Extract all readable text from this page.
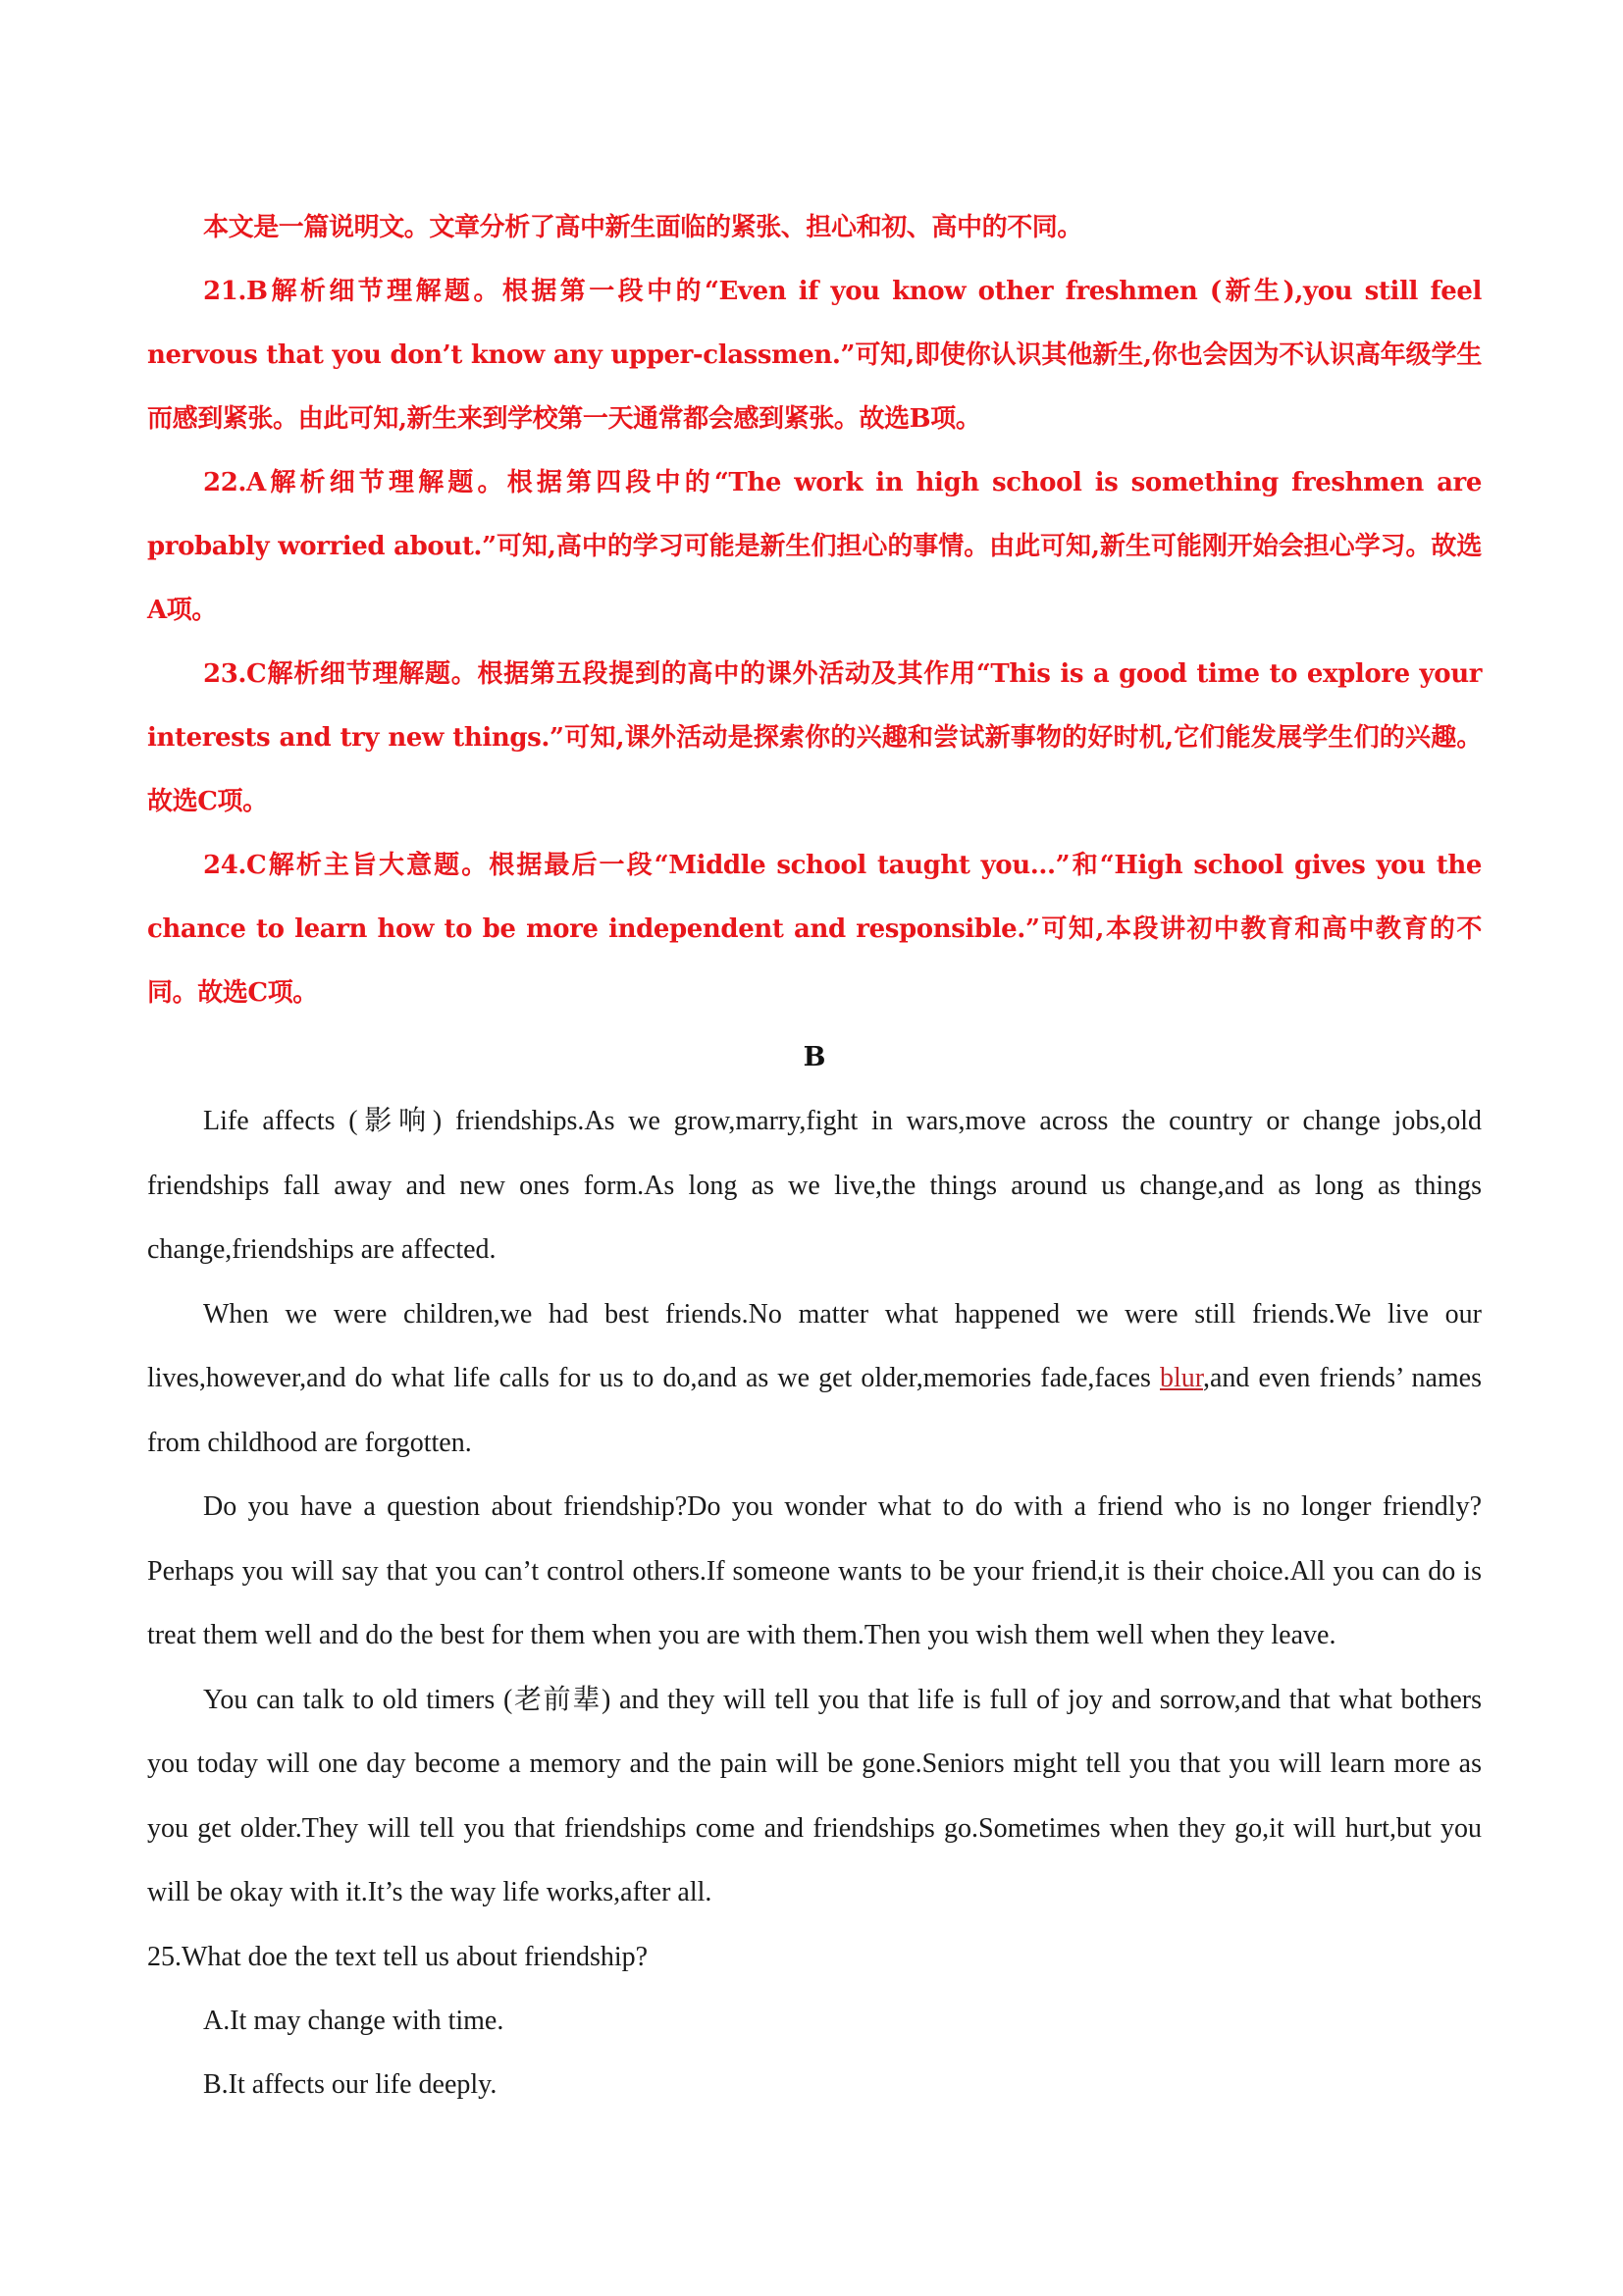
本文是一篇说明文。文章分析了高中新生面临的紧张、担心和初、高中的不同。

21.B解析细节理解题。根据第一段中的“Even if you know other freshmen (新生),you still feel nervous that you don’t know any upper-classmen.”可知,即使你认识其他新生,你也会因为不认识高年级学生而感到紧张。由此可知,新生来到学校第一天通常都会感到紧张。故选B项。

22.A解析细节理解题。根据第四段中的“The work in high school is something freshmen are probably worried about.”可知,高中的学习可能是新生们担心的事情。由此可知,新生可能刚开始会担心学习。故选A项。

23.C解析细节理解题。根据第五段提到的高中的课外活动及其作用“This is a good time to explore your interests and try new things.”可知,课外活动是探索你的兴趣和尝试新事物的好时机,它们能发展学生们的兴趣。故选C项。

24.C解析主旨大意题。根据最后一段“Middle school taught you...”和“High school gives you the chance to learn how to be more independent and responsible.”可知,本段讲初中教育和高中教育的不同。故选C项。

B

Life affects (影响) friendships.As we grow,marry,fight in wars,move across the country or change jobs,old friendships fall away and new ones form.As long as we live,the things around us change,and as long as things change,friendships are affected.

When we were children,we had best friends.No matter what happened we were still friends.We live our lives,however,and do what life calls for us to do,and as we get older,memories fade,faces blur,and even friends’ names from childhood are forgotten.

Do you have a question about friendship?Do you wonder what to do with a friend who is no longer friendly?Perhaps you will say that you can’t control others.If someone wants to be your friend,it is their choice.All you can do is treat them well and do the best for them when you are with them.Then you wish them well when they leave.

You can talk to old timers (老前辈) and they will tell you that life is full of joy and sorrow,and that what bothers you today will one day become a memory and the pain will be gone.Seniors might tell you that you will learn more as you get older.They will tell you that friendships come and friendships go.Sometimes when they go,it will hurt,but you will be okay with it.It’s the way life works,after all.

25.What doe the text tell us about friendship?

A.It may change with time.

B.It affects our life deeply.
